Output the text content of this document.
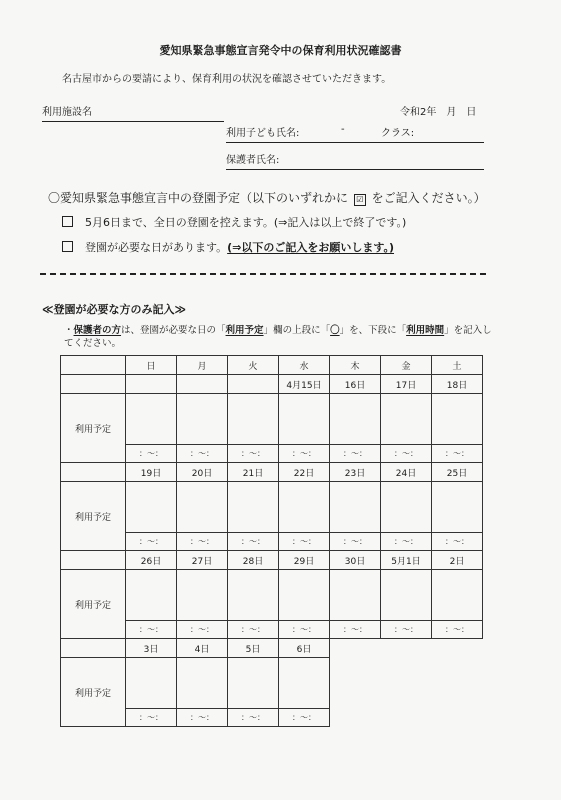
愛知県緊急事態宣言発令中の保育利用状況確認書
名古屋市からの要請により、保育利用の状況を確認させていただきます。
利用施設名	令和2年　月　日
利用子ども氏名:	-	クラス:
保護者氏名:
〇愛知県緊急事態宣言中の登園予定（以下のいずれかに ☑ をご記入ください。）
5月6日まで、全日の登園を控えます。(⇒記入は以上で終了です。)
登園が必要な日があります。(⇒以下のご記入をお願いします。)
≪登園が必要な方のみ記入≫
・保護者の方は、登園が必要な日の「利用予定」欄の上段に「〇」を、下段に「利用時間」を記入してください。
	日	月	火	水	木	金	土
				4月15日	16日	17日	18日
利用予定							
	：～：	：～：	：～：	：～：	：～：	：～：	：～：
	19日	20日	21日	22日	23日	24日	25日
利用予定							
	：～：	：～：	：～：	：～：	：～：	：～：	：～：
	26日	27日	28日	29日	30日	5月1日	2日
利用予定							
	：～：	：～：	：～：	：～：	：～：	：～：	：～：
	3日	4日	5日	6日			
利用予定							
	：～：	：～：	：～：	：～：			
